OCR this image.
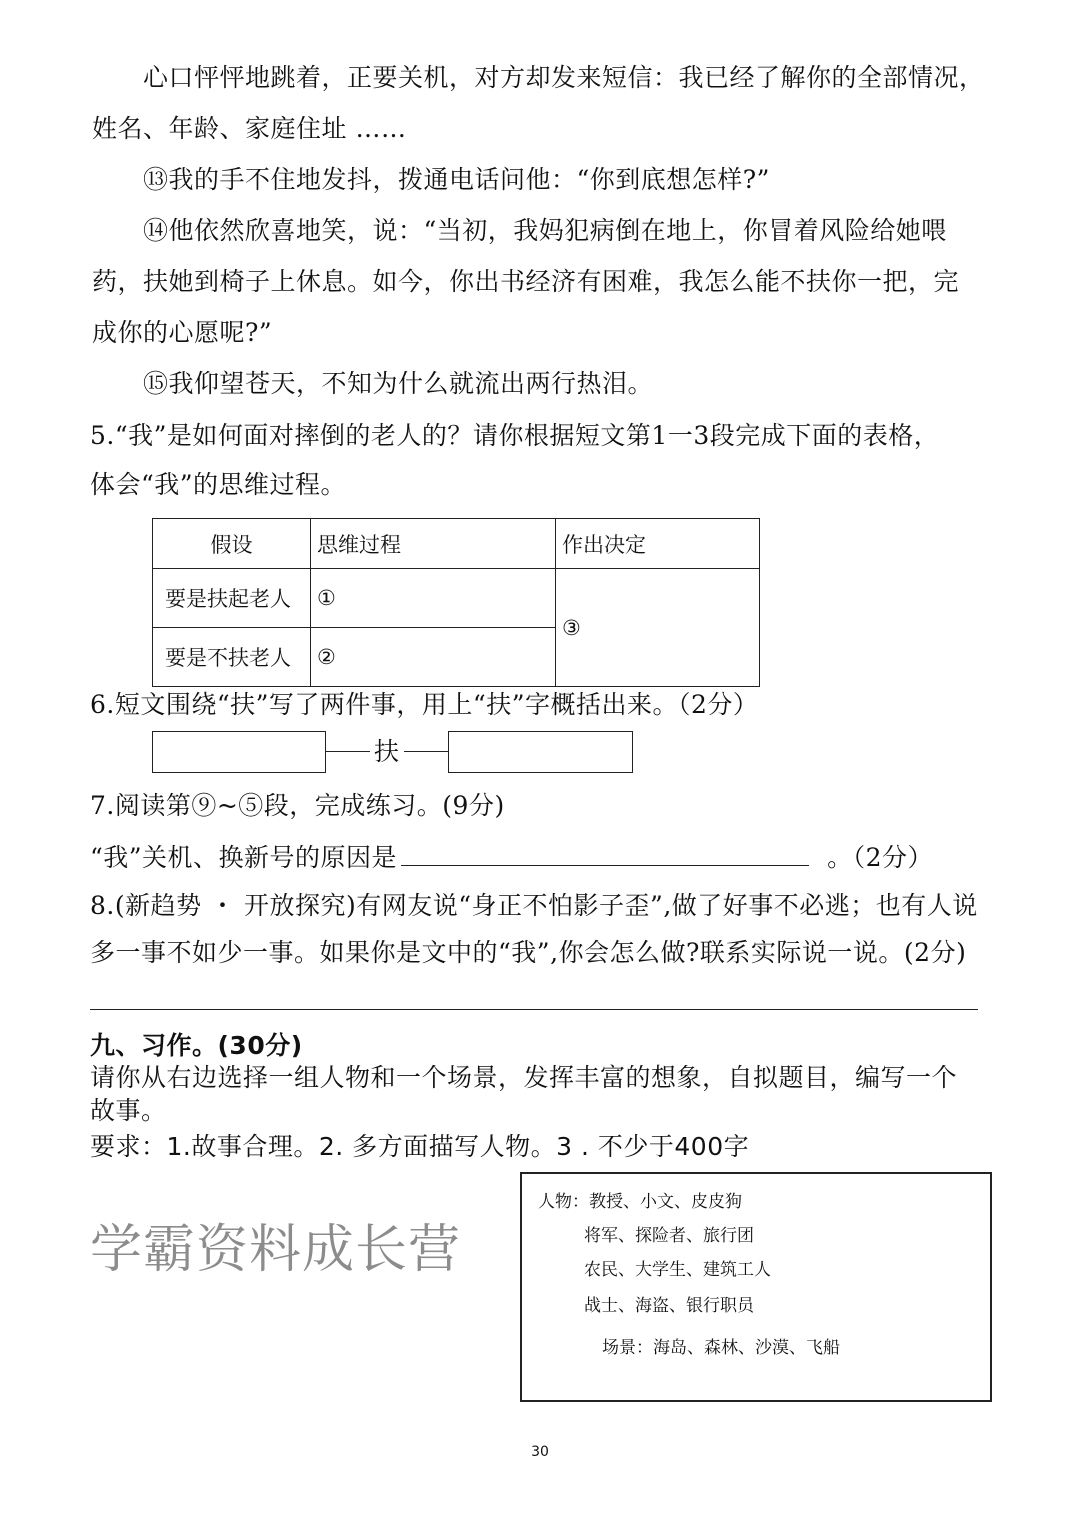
心口怦怦地跳着，正要关机，对方却发来短信：我已经了解你的全部情况，
姓名、年龄、家庭住址 ……
⑬我的手不住地发抖，拨通电话问他：“你到底想怎样?”
⑭他依然欣喜地笑，说：“当初，我妈犯病倒在地上，你冒着风险给她喂
药，扶她到椅子上休息。如今，你出书经济有困难，我怎么能不扶你一把，完
成你的心愿呢?”
⑮我仰望苍天，不知为什么就流出两行热泪。
5.“我”是如何面对摔倒的老人的？请你根据短文第1一3段完成下面的表格，
体会“我”的思维过程。
假设	思维过程	作出决定
要是扶起老人	①	③
要是不扶老人	②	
6.短文围绕“扶”写了两件事，用上“扶”字概括出来。（2分）
扶
7.阅读第⑨~⑤段，完成练习。(9分)
“我”关机、换新号的原因是	。（2分）
8.(新趋势 ・ 开放探究)有网友说“身正不怕影子歪”,做了好事不必逃；也有人说
多一事不如少一事。如果你是文中的“我”,你会怎么做?联系实际说一说。(2分)
九、习作。(30分)
请你从右边选择一组人物和一个场景，发挥丰富的想象，自拟题目，编写一个
故事。
要求：1.故事合理。2. 多方面描写人物。3 . 不少于400字
学霸资料成长营
人物：教授、小文、皮皮狗
将军、探险者、旅行团
农民、大学生、建筑工人
战士、海盗、银行职员
场景：海岛、森林、沙漠、飞船
30
